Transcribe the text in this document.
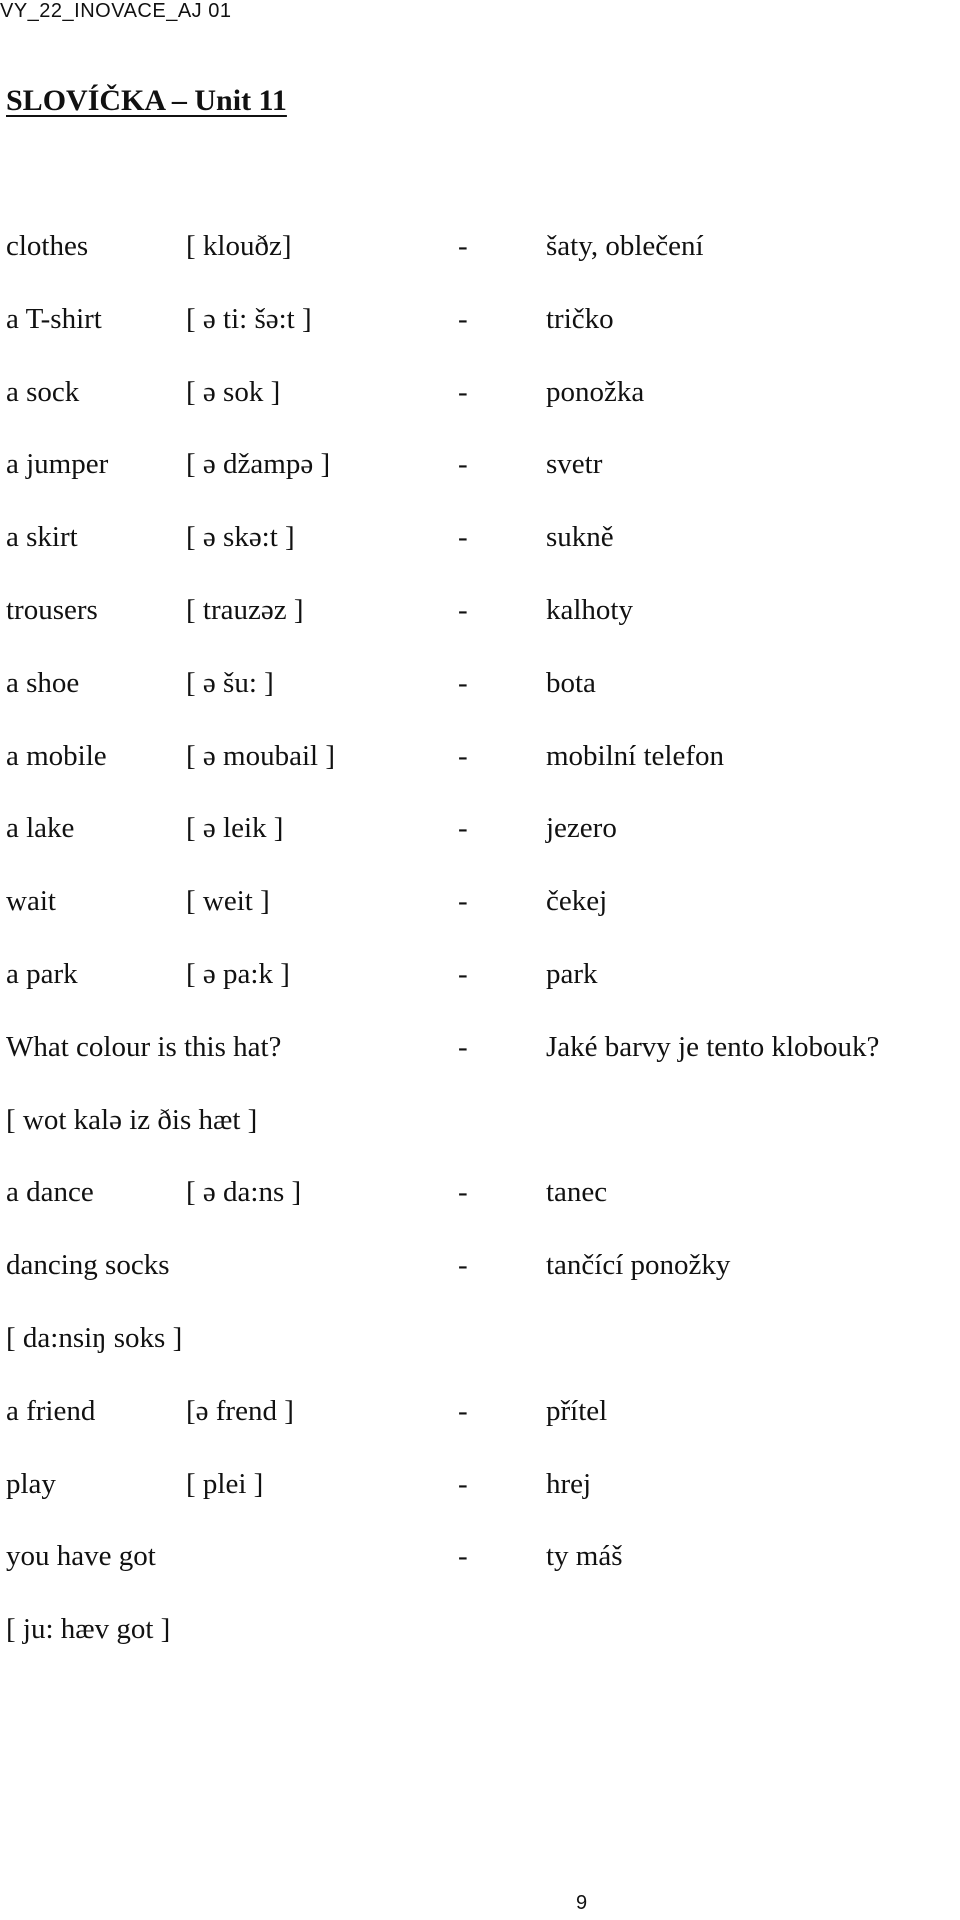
VY_22_INOVACE_AJ 01
SLOVÍČKA – Unit 11
clothes	[ klouðz]	-	šaty, oblečení
a T-shirt	[ ə ti: šə:t ]	-	tričko
a sock	[ ə sok ]	-	ponožka
a jumper	[ ə džampə ]	-	svetr
a skirt	[ ə skə:t ]	-	sukně
trousers	[ trauzəz ]	-	kalhoty
a shoe	[ ə šu: ]	-	bota
a mobile	[ ə moubail ]	-	mobilní telefon
a lake	[ ə leik ]	-	jezero
wait	[ weit ]	-	čekej
a park	[ ə pa:k ]	-	park
What colour is this hat?	-	Jaké barvy je tento klobouk?
[ wot kalə iz ðis hæt ]
a dance	[ ə da:ns ]	-	tanec
dancing socks	-	tančící ponožky
[ da:nsiŋ soks ]
a friend	[ə frend ]	-	přítel
play	[ plei ]	-	hrej
you have got	-	ty máš
[ ju: hæv got ]
9
